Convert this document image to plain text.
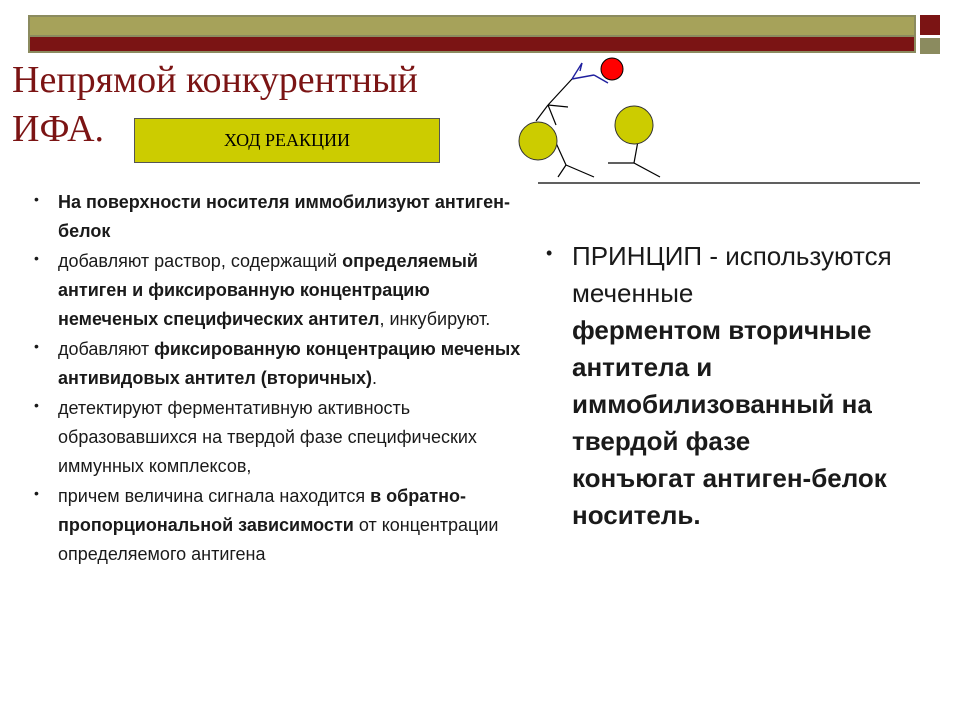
Непрямой конкурентный
ИФА.	ХОД РЕАКЦИИ
• На поверхности носителя иммобилизуют антиген-белок
• добавляют раствор, содержащий определяемый антиген и фиксированную концентрацию немеченых специфических антител, инкубируют.
• добавляют фиксированную концентрацию меченых антивидовых антител (вторичных).
• детектируют ферментативную активность образовавшихся на твердой фазе специфических иммунных комплексов,
• причем величина сигнала находится в обратно-пропорциональной зависимости от концентрации определяемого антигена
• ПРИНЦИП - используются
меченные
ферментом вторичные
антитела и
иммобилизованный на
твердой фазе
конъюгат антиген-белок
носитель.
